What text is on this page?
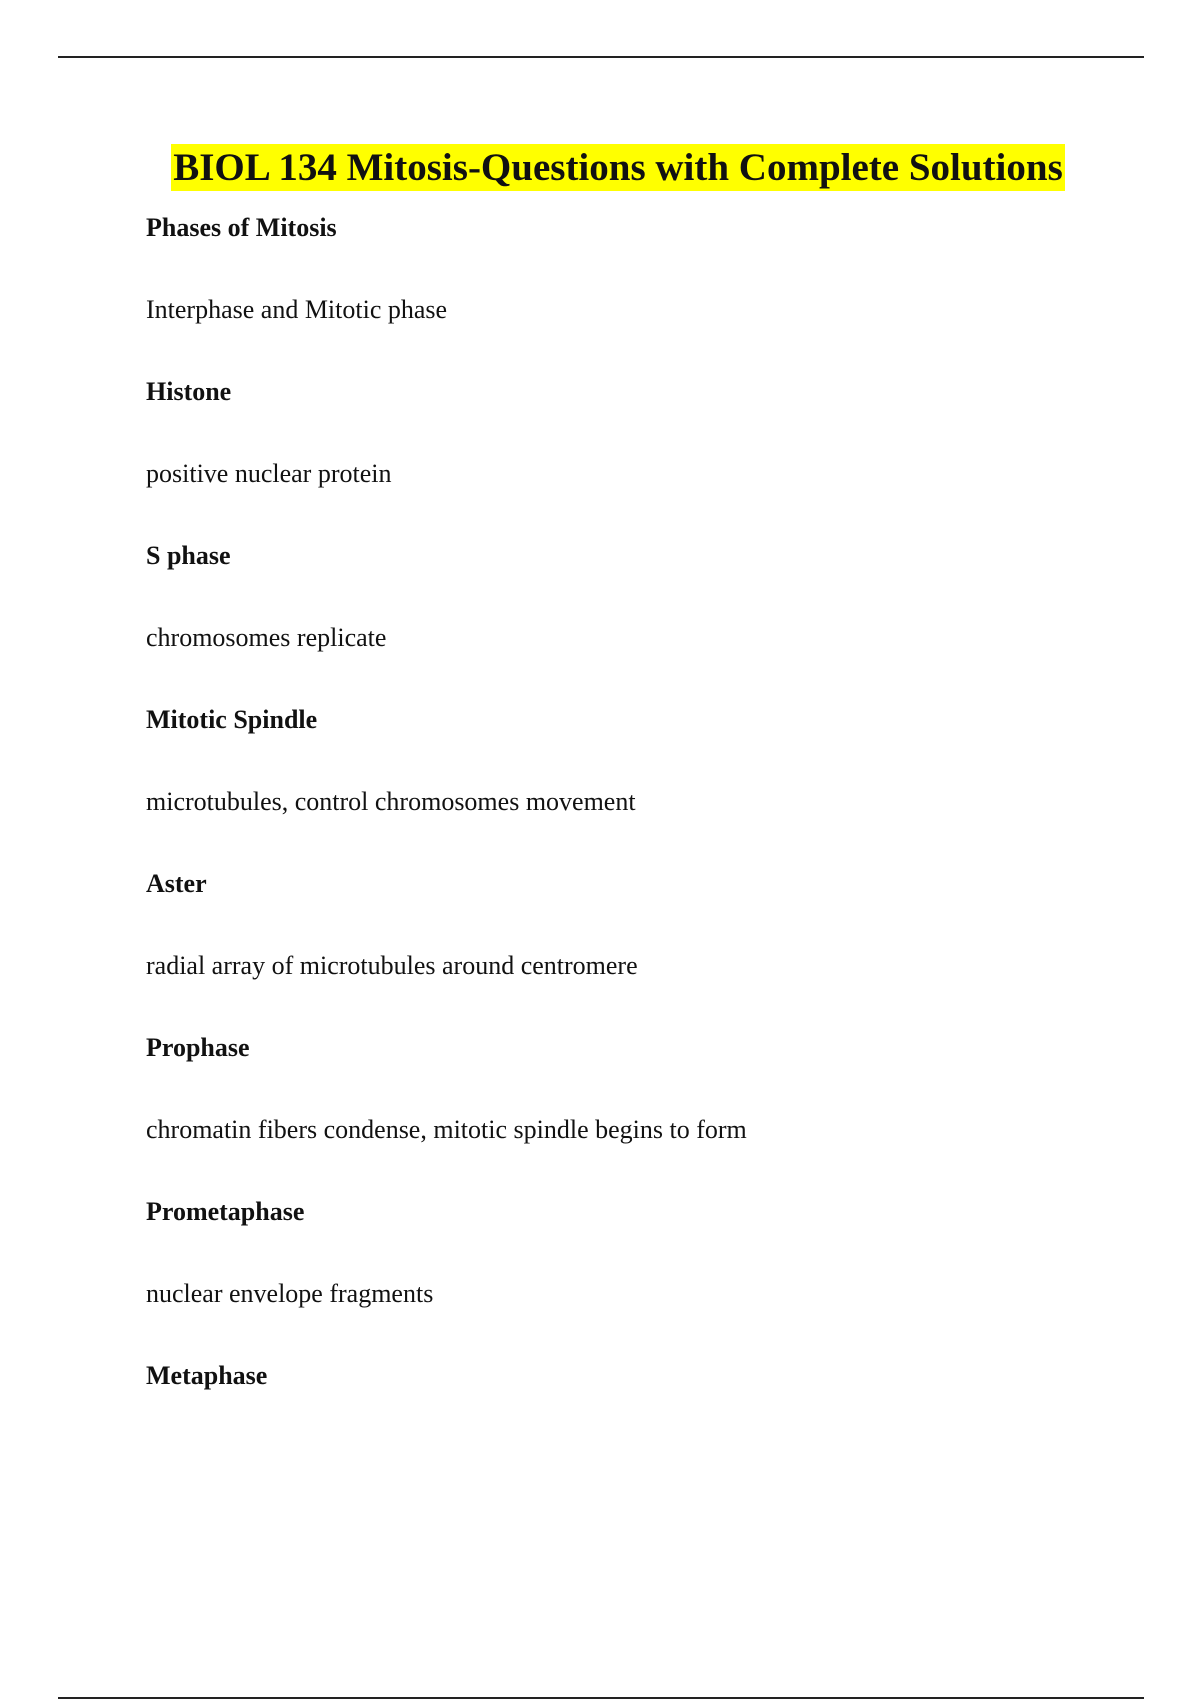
BIOL 134 Mitosis-Questions with Complete Solutions
Phases of Mitosis
Interphase and Mitotic phase
Histone
positive nuclear protein
S phase
chromosomes replicate
Mitotic Spindle
microtubules, control chromosomes movement
Aster
radial array of microtubules around centromere
Prophase
chromatin fibers condense, mitotic spindle begins to form
Prometaphase
nuclear envelope fragments
Metaphase
